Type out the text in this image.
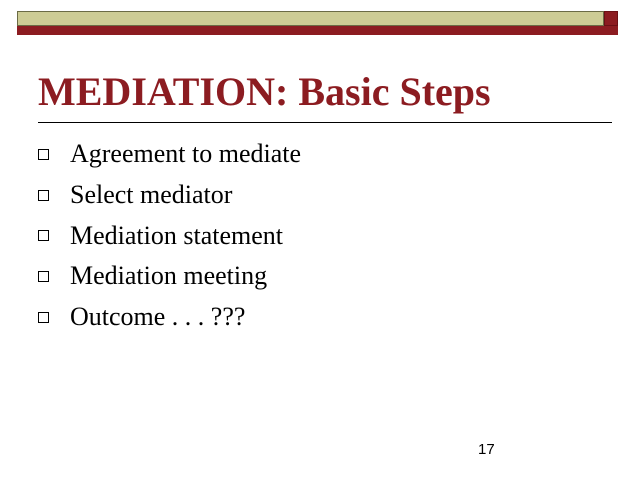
MEDIATION: Basic Steps
Agreement to mediate
Select mediator
Mediation statement
Mediation meeting
Outcome . . . ???
17
